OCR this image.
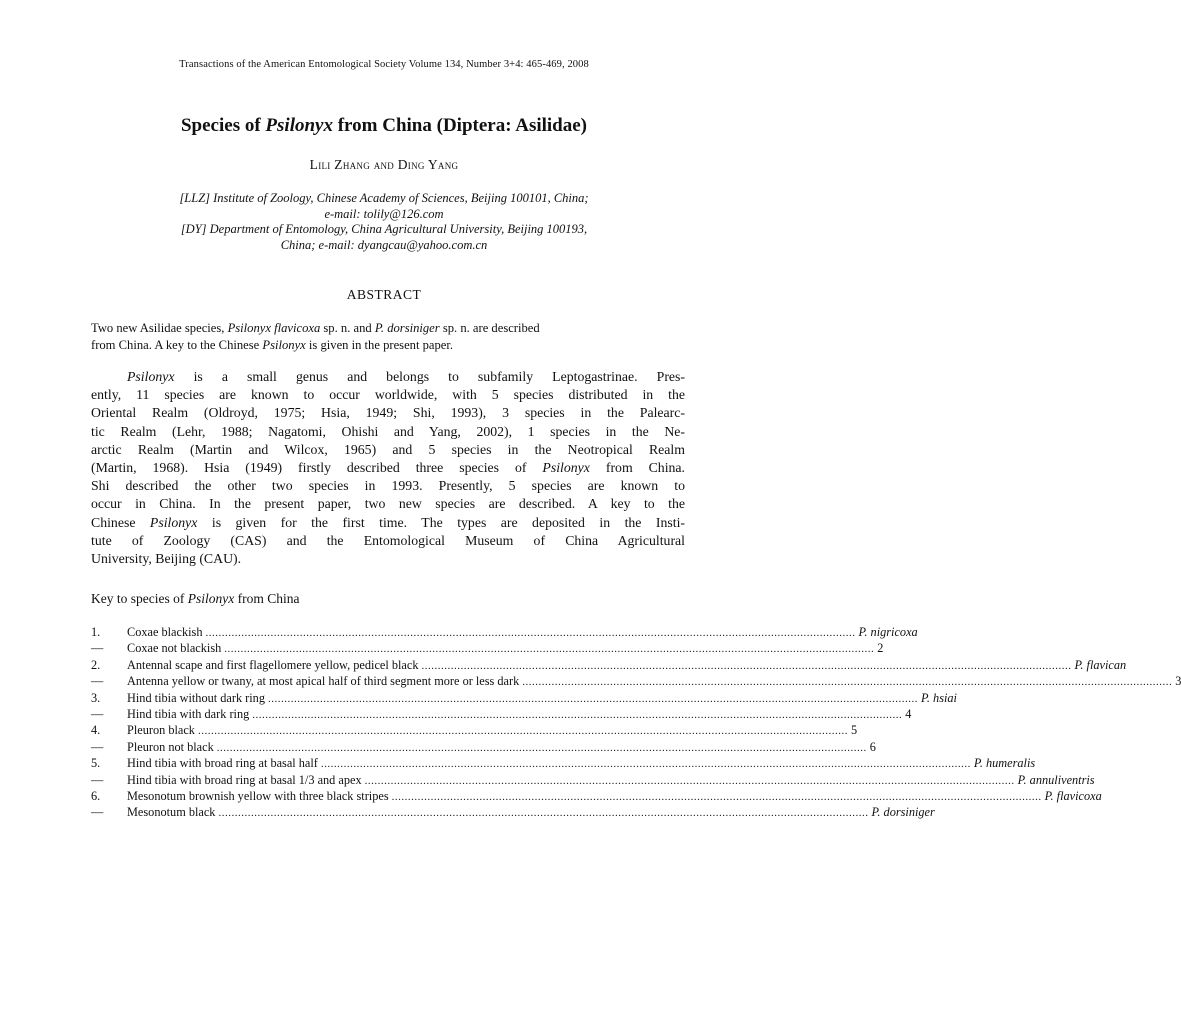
Transactions of the American Entomological Society Volume 134, Number 3+4: 465-469, 2008
Species of Psilonyx from China (Diptera: Asilidae)
Lili Zhang and Ding Yang
[LLZ] Institute of Zoology, Chinese Academy of Sciences, Beijing 100101, China;
e-mail: tolily@126.com
[DY] Department of Entomology, China Agricultural University, Beijing 100193,
China; e-mail: dyangcau@yahoo.com.cn
ABSTRACT
Two new Asilidae species, Psilonyx flavicoxa sp. n. and P. dorsiniger sp. n. are described
from China. A key to the Chinese Psilonyx is given in the present paper.
Psilonyx is a small genus and belongs to subfamily Leptogastrinae. Pres-
ently, 11 species are known to occur worldwide, with 5 species distributed in the
Oriental Realm (Oldroyd, 1975; Hsia, 1949; Shi, 1993), 3 species in the Palearc-
tic Realm (Lehr, 1988; Nagatomi, Ohishi and Yang, 2002), 1 species in the Ne-
arctic Realm (Martin and Wilcox, 1965) and 5 species in the Neotropical Realm
(Martin, 1968). Hsia (1949) firstly described three species of Psilonyx from China.
Shi described the other two species in 1993. Presently, 5 species are known to
occur in China. In the present paper, two new species are described. A key to the
Chinese Psilonyx is given for the first time. The types are deposited in the Insti-
tute of Zoology (CAS) and the Entomological Museum of China Agricultural
University, Beijing (CAU).
Key to species of Psilonyx from China
1.	Coxae blackish ........................................................................................................................................................................................................ P. nigricoxa
—	Coxae not blackish ........................................................................................................................................................................................................ 2
2.	Antennal scape and first flagellomere yellow, pedicel black ........................................................................................................................................................................................................ P. flavican
—	Antenna yellow or twany, at most apical half of third segment more or less dark ........................................................................................................................................................................................................ 3
3.	Hind tibia without dark ring ........................................................................................................................................................................................................ P. hsiai
—	Hind tibia with dark ring ........................................................................................................................................................................................................ 4
4.	Pleuron black ........................................................................................................................................................................................................ 5
—	Pleuron not black ........................................................................................................................................................................................................ 6
5.	Hind tibia with broad ring at basal half ........................................................................................................................................................................................................ P. humeralis
—	Hind tibia with broad ring at basal 1/3 and apex ........................................................................................................................................................................................................ P. annuliventris
6.	Mesonotum brownish yellow with three black stripes ........................................................................................................................................................................................................ P. flavicoxa
—	Mesonotum black ........................................................................................................................................................................................................ P. dorsiniger
